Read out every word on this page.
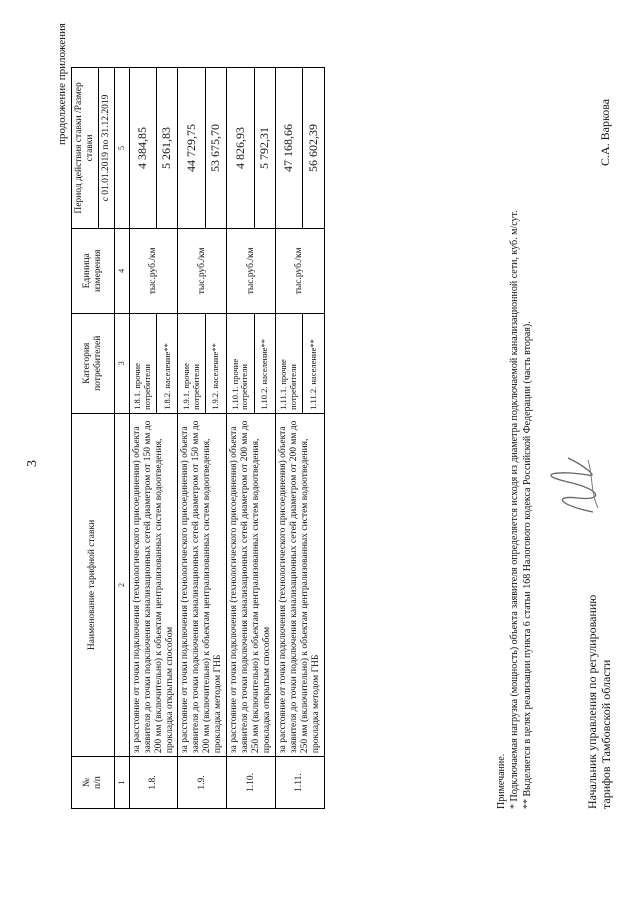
3
продолжение приложения
№
п/п	Наименование тарифной ставки	Категория потребителей	Единица измерения	Период действия ставки /Размер ставки
				с 01.01.2019 по 31.12.2019
1	2	3	4	5
1.8.	за расстояние от точки подключения (технологического присоединения) объекта заявителя до точки подключения канализационных сетей диаметром от 150 мм до 200 мм (включительно) к объектам централизованных систем водоотведения, прокладка открытым способом	1.8.1. прочие потребители	тыс.руб./км	4 384,85
		1.8.2. население**		5 261,83
1.9.	за расстояние от точки подключения (технологического присоединения) объекта заявителя до точки подключения канализационных сетей диаметром от 150 мм до 200 мм (включительно) к объектам централизованных систем водоотведения, прокладка методом ГНБ	1.9.1. прочие потребители	тыс.руб./км	44 729,75
		1.9.2. население**		53 675,70
1.10.	за расстояние от точки подключения (технологического присоединения) объекта заявителя до точки подключения канализационных сетей диаметром от 200 мм до 250 мм (включительно) к объектам централизованных систем водоотведения, прокладка открытым способом	1.10.1. прочие потребители	тыс.руб./км	4 826,93
		1.10.2. население**		5 792,31
1.11.	за расстояние от точки подключения (технологического присоединения) объекта заявителя до точки подключения канализационных сетей диаметром от 200 мм до 250 мм (включительно) к объектам централизованных систем водоотведения, прокладка методом ГНБ	1.11.1. прочие потребители	тыс.руб./км	47 168,66
		1.11.2. население**		56 602,39
Примечание. * Подключаемая нагрузка (мощность) объекта заявителя определяется исходя из диаметра подключаемой канализационной сети, куб. м/сут. ** Выделяется в целях реализации пункта 6 статьи 168 Налогового кодекса Российской Федерации (часть вторая).	Начальник управления по регулированию тарифов Тамбовской области
С.А. Варкова
